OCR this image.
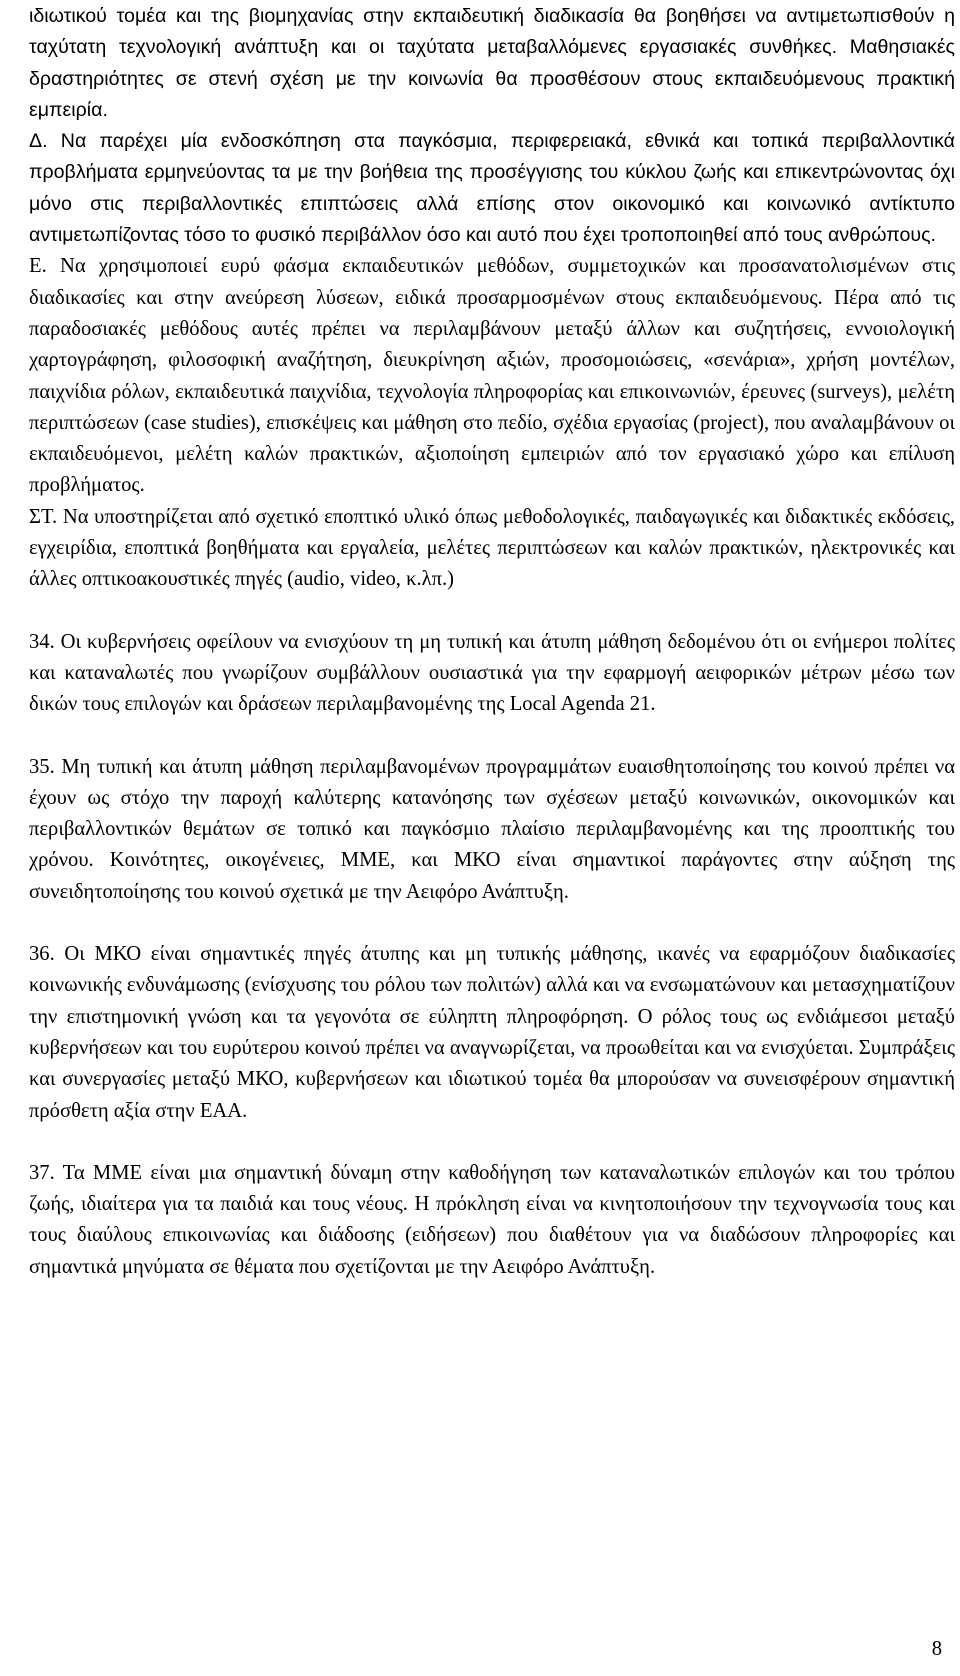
ιδιωτικού τομέα και της βιομηχανίας στην εκπαιδευτική διαδικασία θα βοηθήσει να αντιμετωπισθούν η ταχύτατη τεχνολογική ανάπτυξη και οι ταχύτατα μεταβαλλόμενες εργασιακές συνθήκες. Μαθησιακές δραστηριότητες σε στενή σχέση με την κοινωνία θα προσθέσουν στους εκπαιδευόμενους πρακτική εμπειρία.

Δ. Να παρέχει μία ενδοσκόπηση στα παγκόσμια, περιφερειακά, εθνικά και τοπικά περιβαλλοντικά προβλήματα ερμηνεύοντας τα με την βοήθεια της προσέγγισης του κύκλου ζωής και επικεντρώνοντας όχι μόνο στις περιβαλλοντικές επιπτώσεις αλλά επίσης στον οικονομικό και κοινωνικό αντίκτυπο αντιμετωπίζοντας τόσο το φυσικό περιβάλλον όσο και αυτό που έχει τροποποιηθεί από τους ανθρώπους.

Ε. Να χρησιμοποιεί ευρύ φάσμα εκπαιδευτικών μεθόδων, συμμετοχικών και προσανατολισμένων στις διαδικασίες και στην ανεύρεση λύσεων, ειδικά προσαρμοσμένων στους εκπαιδευόμενους. Πέρα από τις παραδοσιακές μεθόδους αυτές πρέπει να περιλαμβάνουν μεταξύ άλλων και συζητήσεις, εννοιολογική χαρτογράφηση, φιλοσοφική αναζήτηση, διευκρίνηση αξιών, προσομοιώσεις, «σενάρια», χρήση μοντέλων, παιχνίδια ρόλων, εκπαιδευτικά παιχνίδια, τεχνολογία πληροφορίας και επικοινωνιών, έρευνες (surveys), μελέτη περιπτώσεων (case studies), επισκέψεις και μάθηση στο πεδίο, σχέδια εργασίας (project), που αναλαμβάνουν οι εκπαιδευόμενοι, μελέτη καλών πρακτικών, αξιοποίηση εμπειριών από τον εργασιακό χώρο και επίλυση προβλήματος.

ΣΤ. Να υποστηρίζεται από σχετικό εποπτικό υλικό όπως μεθοδολογικές, παιδαγωγικές και διδακτικές εκδόσεις, εγχειρίδια, εποπτικά βοηθήματα και εργαλεία, μελέτες περιπτώσεων και καλών πρακτικών, ηλεκτρονικές και άλλες οπτικοακουστικές πηγές (audio, video, κ.λπ.)

34. Οι κυβερνήσεις οφείλουν να ενισχύουν τη μη τυπική και άτυπη μάθηση δεδομένου ότι οι ενήμεροι πολίτες και καταναλωτές που γνωρίζουν συμβάλλουν ουσιαστικά για την εφαρμογή αειφορικών μέτρων μέσω των δικών τους επιλογών και δράσεων περιλαμβανομένης της Local Agenda 21.

35. Μη τυπική και άτυπη μάθηση περιλαμβανομένων προγραμμάτων ευαισθητοποίησης του κοινού πρέπει να έχουν ως στόχο την παροχή καλύτερης κατανόησης των σχέσεων μεταξύ κοινωνικών, οικονομικών και περιβαλλοντικών θεμάτων σε τοπικό και παγκόσμιο πλαίσιο περιλαμβανομένης και της προοπτικής του χρόνου. Κοινότητες, οικογένειες, ΜΜΕ, και ΜΚΟ είναι σημαντικοί παράγοντες στην αύξηση της συνειδητοποίησης του κοινού σχετικά με την Αειφόρο Ανάπτυξη.

36. Οι ΜΚΟ είναι σημαντικές πηγές άτυπης και μη τυπικής μάθησης, ικανές να εφαρμόζουν διαδικασίες κοινωνικής ενδυνάμωσης (ενίσχυσης του ρόλου των πολιτών) αλλά και να ενσωματώνουν και μετασχηματίζουν την επιστημονική γνώση και τα γεγονότα σε εύληπτη πληροφόρηση. Ο ρόλος τους ως ενδιάμεσοι μεταξύ κυβερνήσεων και του ευρύτερου κοινού πρέπει να αναγνωρίζεται, να προωθείται και να ενισχύεται. Συμπράξεις και συνεργασίες μεταξύ ΜΚΟ, κυβερνήσεων και ιδιωτικού τομέα θα μπορούσαν να συνεισφέρουν σημαντική πρόσθετη αξία στην ΕΑΑ.

37. Τα ΜΜΕ είναι μια σημαντική δύναμη στην καθοδήγηση των καταναλωτικών επιλογών και του τρόπου ζωής, ιδιαίτερα για τα παιδιά και τους νέους. Η πρόκληση είναι να κινητοποιήσουν την τεχνογνωσία τους και τους διαύλους επικοινωνίας και διάδοσης (ειδήσεων) που διαθέτουν για να διαδώσουν πληροφορίες και σημαντικά μηνύματα σε θέματα που σχετίζονται με την Αειφόρο Ανάπτυξη.

8
